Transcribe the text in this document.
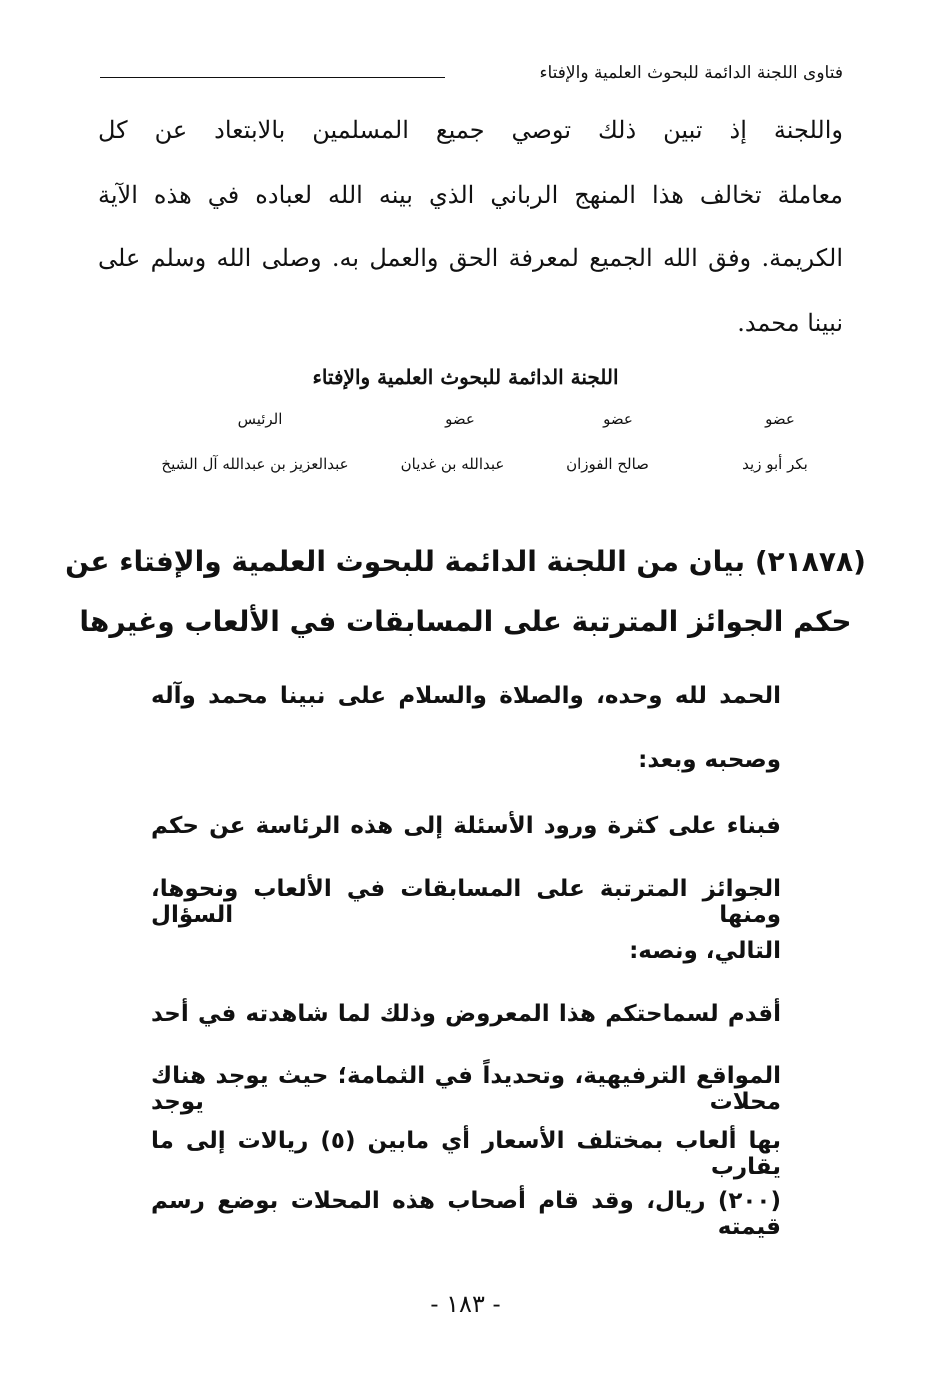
فتاوى اللجنة الدائمة للبحوث العلمية والإفتاء
واللجنة إذ تبين ذلك توصي جميع المسلمين بالابتعاد عن كل
معاملة تخالف هذا المنهج الرباني الذي بينه الله لعباده في هذه الآية
الكريمة. وفق الله الجميع لمعرفة الحق والعمل به. وصلى الله وسلم على
نبينا محمد.
اللجنة الدائمة للبحوث العلمية والإفتاء
عضو
بكر أبو زيد
عضو
صالح الفوزان
عضو
عبدالله بن غديان
الرئيس
عبدالعزيز بن عبدالله آل الشيخ
(٢١٨٧٨) بيان من اللجنة الدائمة للبحوث العلمية والإفتاء عن
حكم الجوائز المترتبة على المسابقات في الألعاب وغيرها
الحمد لله وحده، والصلاة والسلام على نبينا محمد وآله
وصحبه وبعد:
فبناء على كثرة ورود الأسئلة إلى هذه الرئاسة عن حكم
الجوائز المترتبة على المسابقات في الألعاب ونحوها، ومنها السؤال
التالي، ونصه:
أقدم لسماحتكم هذا المعروض وذلك لما شاهدته في أحد
المواقع الترفيهية، وتحديداً في الثمامة؛ حيث يوجد هناك محلات يوجد
بها ألعاب بمختلف الأسعار أي مابين (٥) ريالات إلى ما يقارب
(٢٠٠) ريال، وقد قام أصحاب هذه المحلات بوضع رسم قيمته
- ١٨٣ -
